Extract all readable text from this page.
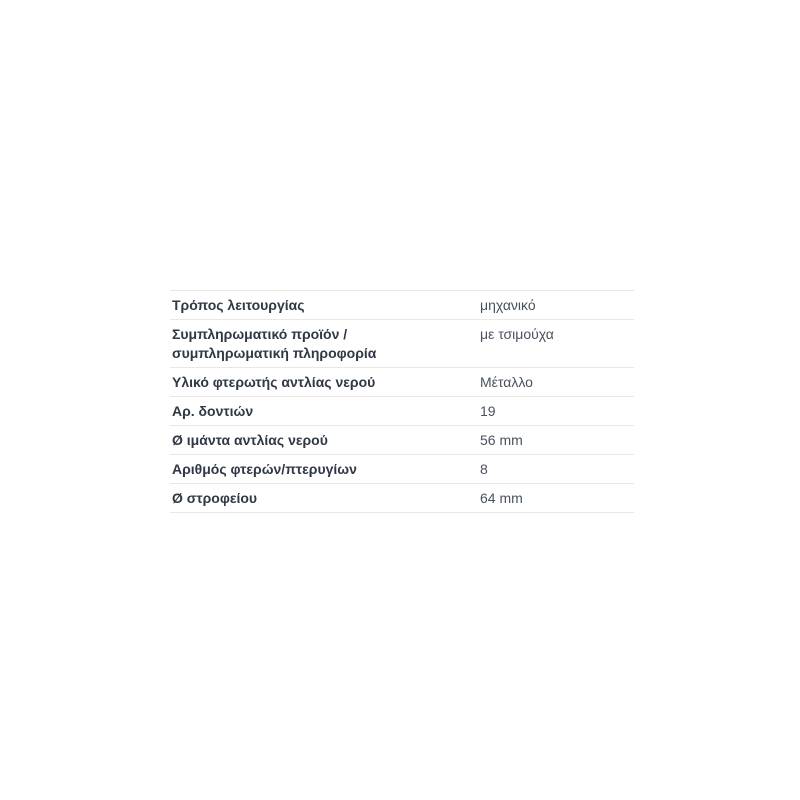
Τρόπος λειτουργίας	μηχανικό
Συμπληρωματικό προϊόν / συμπληρωματική πληροφορία	με τσιμούχα
Υλικό φτερωτής αντλίας νερού	Μέταλλο
Αρ. δοντιών	19
Ø ιμάντα αντλίας νερού	56 mm
Αριθμός φτερών/πτερυγίων	8
Ø στροφείου	64 mm
